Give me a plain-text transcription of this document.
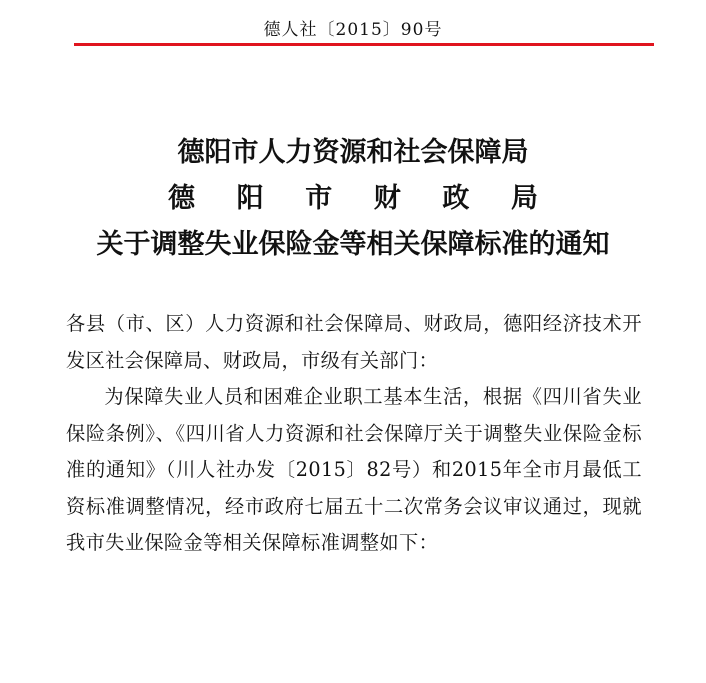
德人社〔2015〕90号
德阳市人力资源和社会保障局
德 阳 市 财 政 局
关于调整失业保险金等相关保障标准的通知

各县（市、区）人力资源和社会保障局、财政局，德阳经济技术开发区社会保障局、财政局，市级有关部门：

为保障失业人员和困难企业职工基本生活，根据《四川省失业保险条例》、《四川省人力资源和社会保障厅关于调整失业保险金标准的通知》（川人社办发〔2015〕82号）和2015年全市月最低工资标准调整情况，经市政府七届五十二次常务会议审议通过，现就我市失业保险金等相关保障标准调整如下：
